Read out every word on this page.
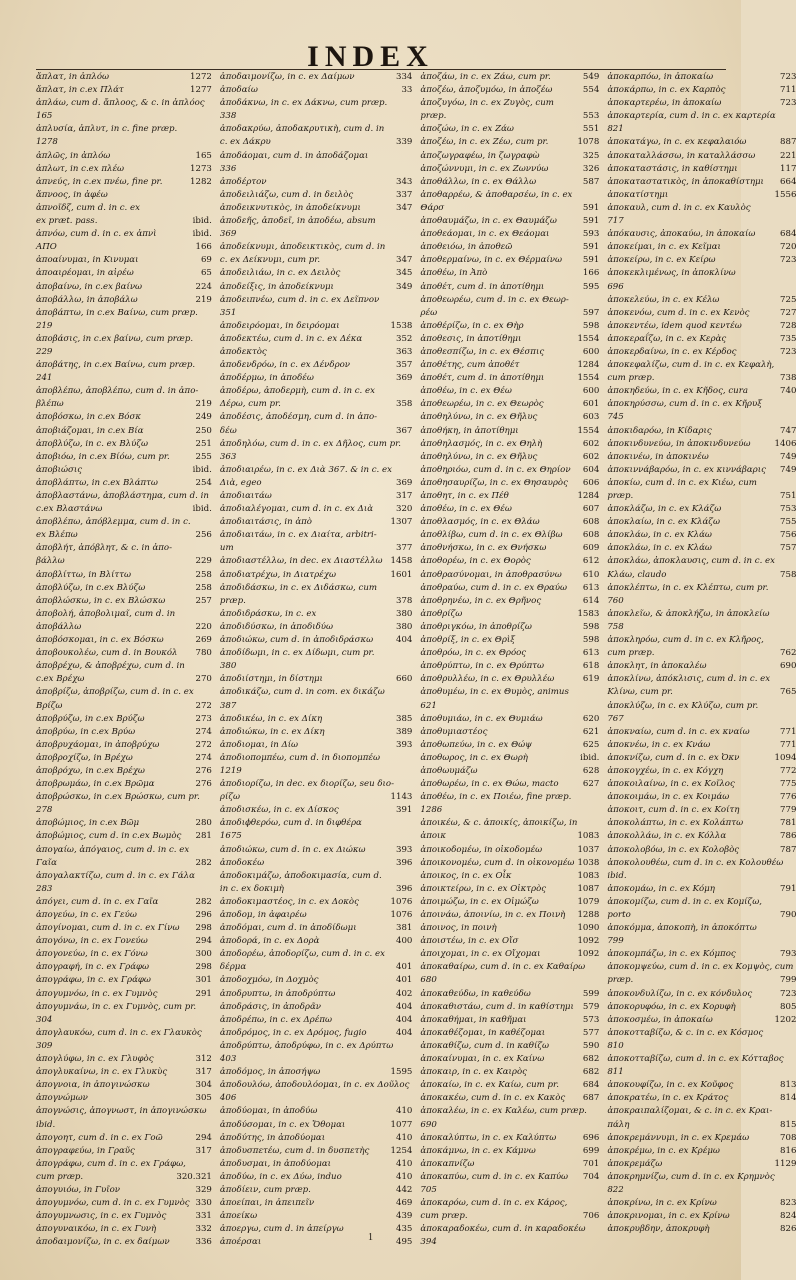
INDEX
ἄπλατ, in ἀπλόω	1272
ἄπλατ, in c.ex Πλάτ	1277
ἀπλάω, cum d. ἄπλοος, & c. in ἁπλόος
165
ἀπλυσία, ἀπλυτ, in c. fine præp.
1278
ἀπλῶς, in ἁπλόω	165
ἀπλωτ, in c.ex πλέω	1273
ἀπνεύς, in c.ex πνέω, fine pr.	1282
ἄπνοος, in ἀφέω
ἀπνοϊδζ, cum d. in c. ex
ex præt. pass.	ibid.
ἀπνόω, cum d. in c. ex ἀπνὶ	ibid.
ΑΠΟ	166
ἀποαίνυμαι, in Κινυμαι	69
ἀποαιρέομαι, in αἱρέω	65
ἀποβαίνω, in c.ex βαίνω	224
ἀποβάλλω, in ἀποβάλω	219
ἀποβάπτω, in c.ex Βαίνω, cum præp.
219
ἀποβάσις, in c.ex βαίνω, cum præp.
229
ἀποβάτης, in c.ex Βαίνω, cum præp.
241
ἀποβλέπω, ἀποβλέπω, cum d. in ἀπο-
βλέπω	219
ἀποβόσκω, in c.ex Βόσκ	249
ἀποβιάζομαι, in c.ex Βία	250
ἀποβλύζω, in c. ex Βλύζω	251
ἀποβιόω, in c.ex Βίόω, cum pr.	255
ἀποβιώσις	ibid.
ἀποβλάπτω, in c.ex Βλάπτω	254
ἀποβλαστάνω, ἀποβλάστημα, cum d. in
c.ex Βλαστάνω	ibid.
ἀποβλέπω, ἀπόβλεμμα, cum d. in c.
ex Βλέπω	256
ἀποβλήτ, ἀπόβλητ, & c. in ἀπο-
βάλλω	229
ἀποβλίττω, in Βλίττω	258
ἀποβλύζω, in c.ex Βλύζω	258
ἀποβλώσκω, in c. ex Βλώσκω	257
ἀποβολή, ἀποβολιμαῖ, cum d. in
ἀποβάλλω	220
ἀποβόσκομαι, in c. ex Βόσκω	269
ἀποβουκολέω, cum d. in Βουκόλ	780
ἀποβρέχω, & ἀποβρέχω, cum d. in
c.ex Βρέχω	270
ἀποβρίζω, ἀποβρίζω, cum d. in c. ex
Βρίζω	272
ἀποβρύζω, in c.ex Βρύζω	273
ἀποβρύω, in c.ex Βρύω	274
ἀποβρυχάομαι, in ἀποβρύχω	272
ἀποβροχίζω, in Βρέχω	274
ἀποβρόχω, in c.ex Βρέχω	276
ἀποβρωμάω, in c.ex Βρῶμα	276
ἀποβρώσκω, in c.ex Βρώσκω, cum pr.
278
ἀποβώμιος, in c.ex Βῶμ	280
ἀποβώμιος, cum d. in c.ex Βωμὸς	281
ἀπογαίω, ἀπόγαιος, cum d. in c. ex
Γαῖα	282
ἀπογαλακτίζω, cum d. in c. ex Γάλα
283
ἀπόγει, cum d. in c. ex Γαῖα	282
ἀπογεύω, in c. ex Γεύω	296
ἀπογίνομαι, cum d. in c. ex Γίνω	298
ἀπογόνω, in c. ex Γονεύω	294
ἀπογονεύω, in c. ex Γόνω	300
ἀπογραφή, in c. ex Γράφω	298
ἀπογράφω, in c. ex Γράφω	301
ἀπογυμνόω, in c. ex Γυμνὸς	291
ἀπογυμνάω, in c. ex Γυμνὸς, cum pr.
304
ἀπογλαυκόω, cum d. in c. ex Γλαυκὸς
309
ἀπογλύφω, in c. ex Γλυφὸς	312
ἀπογλυκαίνω, in c. ex Γλυκὺς	317
ἀπογνοια, in ἀπογινώσκω	304
ἀπογνώμων	305
ἀπογνώσις, ἀπογνωστ, in ἀπογινώσκω
ibid.
ἀπογοητ, cum d. in c. ex Γοῶ	294
ἀπογραφεύω, in Γραῦς	317
ἀπογράφω, cum d. in c. ex Γράφω,
cum præp.	320.321
ἀπογυιόω, in Γυῖον	329
ἀπογυμνόω, cum d. in c. ex Γυμνὸς 330
ἀπογυμνωσις, in c. ex Γυμνὸς	331
ἀπογυναικόω, in c. ex Γυνὴ	332
ἀποδαιμονίζω, in c. ex δαίμων	336
ἀποδαιμονίζω, in c. ex Δαίμων	334
ἀποδαίω	33
ἀποδάκνω, in c. ex Δάκνω, cum præp.
338
ἀποδακρύω, ἀποδακρυτικὴ, cum d. in
c. ex Δάκρυ	339
ἀποδάομαι, cum d. in ἀποδάζομαι
336
ἀποδέρτον	343
ἀποδειλιάζω, cum d. in δειλὸς	337
ἀποδεικνυτικὸς, in ἀποδείκνυμι	347
ἀποδεῆς, ἀποδεῖ, in ἀποδέω, absum
369
ἀποδείκνυμι, ἀποδεικτικὸς, cum d. in
c. ex Δείκνυμι, cum pr.	347
ἀποδειλιάω, in c. ex Δειλὸς	345
ἀποδείξις, in ἀποδείκνυμι	349
ἀποδειπνέω, cum d. in c. ex Δεῖπνον
351
ἀποδειρόομαι, in δειρόομαι	1538
ἀποδεκτέω, cum d. in c. ex Δέκα	352
ἀποδεκτὸς	363
ἀποδενδρόω, in c. ex Δένδρον	357
ἀποδέρμω, in ἀποδέω	369
ἀποδέρω, ἀποδερμὴ, cum d. in c. ex
Δέρω, cum pr.	358
ἀποδέσις, ἀποδέσμη, cum d. in ἀπο-
δέω	367
ἀποδηλόω, cum d. in c. ex Δῆλος, cum pr.
363
ἀποδιαιρέω, in c. ex Διὰ 367. & in c. ex
Διὰ, egeo	369
ἀποδιαιτάω	317
ἀποδιαλέγομαι, cum d. in c. ex Διὰ	320
ἀποδιαιτάσις, in ἀπὸ	1307
ἀποδιαιτάω, in c. ex Διαίτα, arbitri-
um	377
ἀποδιαστέλλω, in dec. ex Διαστέλλω 1458
ἀποδιατρέχω, in Διατρέχω	1601
ἀποδιδάσκω, in c. ex Διδάσκω, cum
præp.	378
ἀποδιδράσκω, in c. ex	380
ἀποδιδύσκω, in ἀποδιδύω	380
ἀποδιώκω, cum d. in ἀποδιδράσκω	404
ἀποδίδωμι, in c. ex Δίδωμι, cum pr.
380
ἀποδιίστημι, in δίστημι	660
ἀποδικάζω, cum d. in com. ex δικάζω
387
ἀποδικέω, in c. ex Δίκη	385
ἀποδιώκω, in c. ex Δίκη	389
ἀποδιομαι, in Δίω	393
ἀποδιοπομπέω, cum d. in διοπομπέω
1219
ἀποδιορίζω, in dec. ex διορίζω, seu διο-
ρίζω	1143
ἀποδισκέω, in c. ex Δίσκος	391
ἀποδιϕθερόω, cum d. in διφθέρα
1675
ἀποδιώκω, cum d. in c. ex Διώκω	393
ἀποδοκέω	396
ἀποδοκιμάζω, ἀποδοκιμασία, cum d.
in c. ex δοκιμὴ	396
ἀποδοκιμαστέος, in c. ex Δοκὸς	1076
ἀποδομ, in ἀφαιρέω	1076
ἀποδόμαι, cum d. in ἀποδίδωμι	381
ἀποδορά, in c. ex Δορὰ	400
ἀποδορέω, ἀποδορίζω, cum d. in c. ex
δέρμα	401
ἀποδοχμόω, in Δοχμὸς	401
ἀποδρυπτω, in ἀποδρύπτω	402
ἀποδράσις, in ἀποδρᾶν	404
ἀποδρέπω, in c. ex Δρέπω	404
ἀποδρόμος, in c. ex Δρόμος, fugio	404
ἀποδρύπτω, ἀποδρύφω, in c. ex Δρύπτω
403
ἀποδόμος, in ἀποσήψω	1595
ἀποδουλόω, ἀποδουλόομαι, in c. ex Δοῦλος
406
ἀποδύομαι, in ἀποδύω	410
ἀποδύσομαι, in c. ex Ὄθομαι	1077
ἀποδύτης, in ἀποδύομαι	410
ἀποδυσπετέω, cum d. in δυσπετὴς	1254
ἀποδυσμαι, in ἀποδύομαι	410
ἀποδύω, in c. ex Δύω, induo	410
ἀποδίειν, cum præp.	442
ἀποείπαι, in ἀπειπεῖν	469
ἀποείκω	439
ἀποεργω, cum d. in ἀπείργω	435
ἀποέρσαι	495
ἀποζάω, in c. ex Ζάω, cum pr.	549
ἀποζέω, ἀποζυμόω, in ἀποζέω	554
ἀποζυγόω, in c. ex Ζυγὸς, cum
præp.	553
ἀποζώω, in c. ex Ζάω	551
ἀποζέω, in c. ex Ζέω, cum pr.	1078
ἀποζωγραφέω, in ζωγραφὼ	325
ἀποζώννυμι, in c. ex Ζωννύω	326
ἀποθάλλω, in c. ex Θάλλω	587
ἀποθαρρέω, & ἀποθαρσέω, in c. ex
Θάρσ	591
ἀποθαυμάζω, in c. ex Θαυμάζω	591
ἀποθεάομαι, in c. ex Θεάομαι	593
ἀποθειόω, in ἀποθεῶ	591
ἀποθερμαίνω, in c. ex Θέρμαίνω	591
ἀποθέω, in Ἀπὸ	166
ἀποθέτ, cum d. in ἀποτίθημι	595
ἀποθεωρέω, cum d. in c. ex Θεωρ-
ρέω	597
ἀποθέρίζω, in c. ex Θὴρ	598
ἀποθεσις, in ἀποτίθημι	1554
ἀποθεσπίζω, in c. ex Θέσπις	600
ἀποθέτης, cum ἀποθέτ	1284
ἀποθέτ, cum d. in ἀποτίθημι	1554
ἀποθέω, in c. ex Θέω	600
ἀποθεωρέω, in c. ex Θεωρὸς	601
ἀποθηλύνω, in c. ex Θῆλυς	603
ἀποθήκη, in ἀποτίθημι	1554
ἀποθηλασμός, in c. ex Θηλὴ	602
ἀποθηλύνω, in c. ex Θῆλυς	602
ἀποθηριόω, cum d. in c. ex Θηρίον	604
ἀποθησαυρίζω, in c. ex Θησαυρὸς	606
ἀποθητ, in c. ex Πέθ	1284
ἀποθέω, in c. ex Θέω	607
ἀποθλασμός, in c. ex Θλάω	608
ἀποθλίβω, cum d. in c. ex Θλίβω	608
ἀποθνήσκω, in c. ex Θνήσκω	609
ἀποθορέω, in c. ex Θορὸς	612
ἀποθρασύνομαι, in ἀποθρασύνω	610
ἀποθραύω, cum d. in c. ex Θραύω	613
ἀποθρηνέω, in c. ex Θρῆνος	614
ἀποθρίζω	1583
ἀποθριγκόω, in ἀποθρίζω	598
ἀποθρίξ, in c. ex Θρὶξ	598
ἀποθρόω, in c. ex Θρόος	613
ἀποθρύπτω, in c. ex Θρύπτω	618
ἀποθρυλλέω, in c. ex Θρυλλέω	619
ἀποθυμέω, in c. ex Θυμὸς, animus
621
ἀποθυμιάω, in c. ex Θυμιάω	620
ἀποθυμιαστέος	621
ἀποθωπεύω, in c. ex Θώψ	625
ἀποθωρος, in c. ex Θωρὴ	ibid.
ἀποθωυμάζω	628
ἀποθωρέω, in c. ex Θώω, macto	627
ἀποθέω, in c. ex Ποιέω, fine præp.
1286
ἀποικέω, & c. ἀποικίς, ἀποικίζω, in
ἀποικ	1083
ἀποικοδομέω, in οἰκοδομέω	1037
ἀποικονομέω, cum d. in οἰκονομέω 1038
ἀποικος, in c. ex Οἶκ	1083
ἀποικτείρω, in c. ex Οἰκτρὸς	1087
ἀποιμώζω, in c. ex Οἰμώζω	1079
ἀποινάω, ἀποινίω, in c. ex Ποινὴ	1288
ἀποινος, in ποινὴ	1090
ἀποιστέω, in c. ex Οἴσ	1092
ἀποιχομαι, in c. ex Οἴχομαι	1092
ἀποκαθαίρω, cum d. in c. ex Καθαίρω
680
ἀποκαθεύδω, in καθεύδω	599
ἀποκαθιστάω, cum d. in καθίστημι	579
ἀποκαθήμαι, in καθῆμαι	573
ἀποκαθέζομαι, in καθέζομαι	577
ἀποκαθίζω, cum d. in καθίζω	590
ἀποκαίνυμαι, in c. ex Καίνω	682
ἀποκαιρ, in c. ex Καιρὸς	682
ἀποκαίω, in c. ex Καίω, cum pr.	684
ἀποκακέω, cum d. in c. ex Κακὸς	687
ἀποκαλέω, in c. ex Καλέω, cum præp.
690
ἀποκαλύπτω, in c. ex Καλύπτω	696
ἀποκάμνω, in c. ex Κάμνω	699
ἀποκαπνίζω	701
ἀποκαπύω, cum d. in c. ex Καπύω	704
705
ἀποκαρόω, cum d. in c. ex Κάρος,
cum præp.	706
ἀποκαραδοκέω, cum d. in καραδοκέω
394
ἀποκαρπόω, in ἀποκαίω	723
ἀποκάρπω, in c. ex Καρπὸς	711
ἀποκαρτερέω, in ἀποκαίω	723
ἀποκαρτερία, cum d. in c. ex καρτερία
821
ἀποκατάγω, in c. ex κεφαλαιόω	887
ἀποκαταλλάσσω, in καταλλάσσω	221
ἀποκαταστάσις, in καθίστημι	117
ἀποκαταστατικὸς, in ἀποκαθίστημι	664
ἀποκατίστημι	1556
ἀποκαυλ, cum d. in c. ex Καυλὸς
717
ἀπόκαυσις, ἀποκαύω, in ἀποκαίω	684
ἀποκείμαι, in c. ex Κεῖμαι	720
ἀποκείρω, in c. ex Κείρω	723
ἀποκεκλιμένως, in ἀποκλίνω
696
ἀποκελεύω, in c. ex Κέλω	725
ἀποκενόω, cum d. in c. ex Κενὸς	727
ἀποκεντέω, idem quod κεντέω	728
ἀποκεραΐζω, in c. ex Κερὰς	735
ἀποκερδαίνω, in c. ex Κέρδος	723
ἀποκεφαλίζω, cum d. in c. ex Κεφαλὴ,
cum præp.	738
ἀποκηδεύω, in c. ex Κῆδος, cura	740
ἀποκηρύσσω, cum d. in c. ex Κῆρυξ
745
ἀποκιδαρόω, in Κίδαρις	747
ἀποκινδυνεύω, in ἀποκινδυνεύω	1406
ἀποκινέω, in ἀποκινέω	749
ἀποκιννάβαρόω, in c. ex κιννάβαρις	749
ἀποκίω, cum d. in c. ex Κιέω, cum
præp.	751
ἀποκλάζω, in c. ex Κλάζω	753
ἀποκλαίω, in c. ex Κλάζω	755
ἀποκλάω, in c. ex Κλάω	756
ἀποκλάω, in c. ex Κλάω	757
ἀποκλάω, ἀποκλαυσις, cum d. in c. ex
Κλάω, claudo	758
ἀποκλέπτω, in c. ex Κλέπτω, cum pr.
760
ἀποκλεῖω, & ἀποκλήζω, in ἀποκλείω
758
ἀποκληρόω, cum d. in c. ex Κλῆρος,
cum præp.	762
ἀποκλητ, in ἀποκαλέω	690
ἀποκλίνω, ἀπόκλισις, cum d. in c. ex
Κλίνω, cum pr.	765
ἀποκλύζω, in c. ex Κλύζω, cum pr.
767
ἀποκναίω, cum d. in c. ex κναίω	771
ἀποκνέω, in c. ex Κνάω	771
ἀποκνίζω, cum d. in c. ex Ὀκν	1094
ἀποκογχέω, in c. ex Κόγχη	772
ἀποκοιλαίνω, in c. ex Κοῖλος	775
ἀποκοιμάω, in c. ex Κοιμάω	776
ἀποκοιτ, cum d. in c. ex Κοίτη	779
ἀποκολάπτω, in c. ex Κολάπτω	781
ἀποκολλάω, in c. ex Κόλλα	786
ἀποκολοβόω, in c. ex Κολοβὸς	787
ἀποκολουθέω, cum d. in c. ex Κολουθέω
ibid.
ἀποκομάω, in c. ex Κόμη	791
ἀποκομίζω, cum d. in c. ex Κομίζω,
porto	790
ἀποκόμμα, ἀποκοπὴ, in ἀποκόπτω
799
ἀποκομπάζω, in c. ex Κόμπος	793
ἀποκομψεύω, cum d. in c. ex Κομψὸς, cum
præp.	799
ἀποκονδυλίζω, in c. ex κόνδυλος	723
ἀποκορυφόω, in c. ex Κορυφὴ	805
ἀποκοσμέω, in ἀποκαίω	1202
ἀποκοτταβίζω, & c. in c. ex Κόσμος
810
ἀποκοτταβίζω, cum d. in c. ex Κότταβος
811
ἀποκουφίζω, in c. ex Κοῦφος	813
ἀποκρατέω, in c. ex Κράτος	814
ἀποκραιπαλίζομαι, & c. in c. ex Κραι-
πάλη	815
ἀποκρεμάννυμι, in c. ex Κρεμάω	708
ἀποκρέμω, in c. ex Κρέμω	816
ἀποκρεμάζω	1129
ἀποκρημνίζω, cum d. in c. ex Κρημνὸς
822
ἀποκρίνω, in c. ex Κρίνω	823
ἀποκρινομαι, in c. ex Κρίνω	824
ἀποκρυβδην, ἀποκρυφὴ	826
1
